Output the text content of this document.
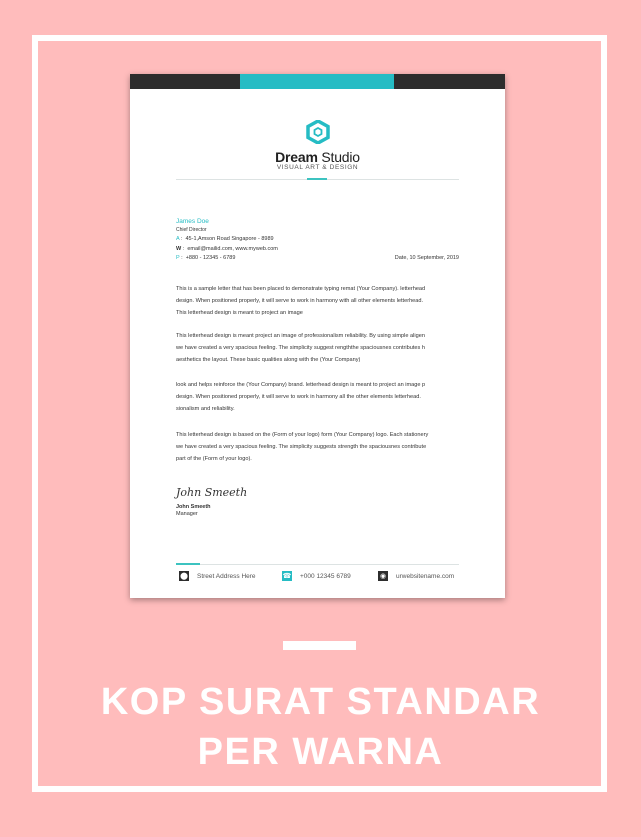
Dream Studio
VISUAL ART & DESIGN
James Doe
Chief Director
A :  45-1,Amson Road Singapore - 8989
W :  email@mailid.com, www.myweb.com
P :  +880 - 12345 - 6789	Date, 10 September, 2019
This is a sample letter that has been placed to demonstrate typing remat (Your Company). letterhead
design. When positioned properly, it will serve to work in harmony with all other elements letterhead.
This letterhead design is meant to project an image
This letterhead design is meant project an image of professionalism reliability. By using simple aligen
we have created a very spacious feeling. The simplicity suggest rengththe spaciousnes contributes h
aesthetics the layout. These basic qualities along with the (Your Company)
look and helps reinforce the (Your Company) brand. letterhead design is meant to project an image p
design. When positioned properly, it will serve to work in harmony all the other elements letterhead.
sionalism and reliability.
This letterhead design is based on the (Form of your logo) form (Your Company) logo. Each stationery
we have created a very spacious feeling. The simplicity suggests strength the spaciousnes contribute
part of the (Form of your logo).
John Smeeth
John Smeeth
Manager
⬤ Street Address Here	☎ +000 12345 6789	◉	urwebsitename.com
KOP SURAT STANDAR
PER WARNA
